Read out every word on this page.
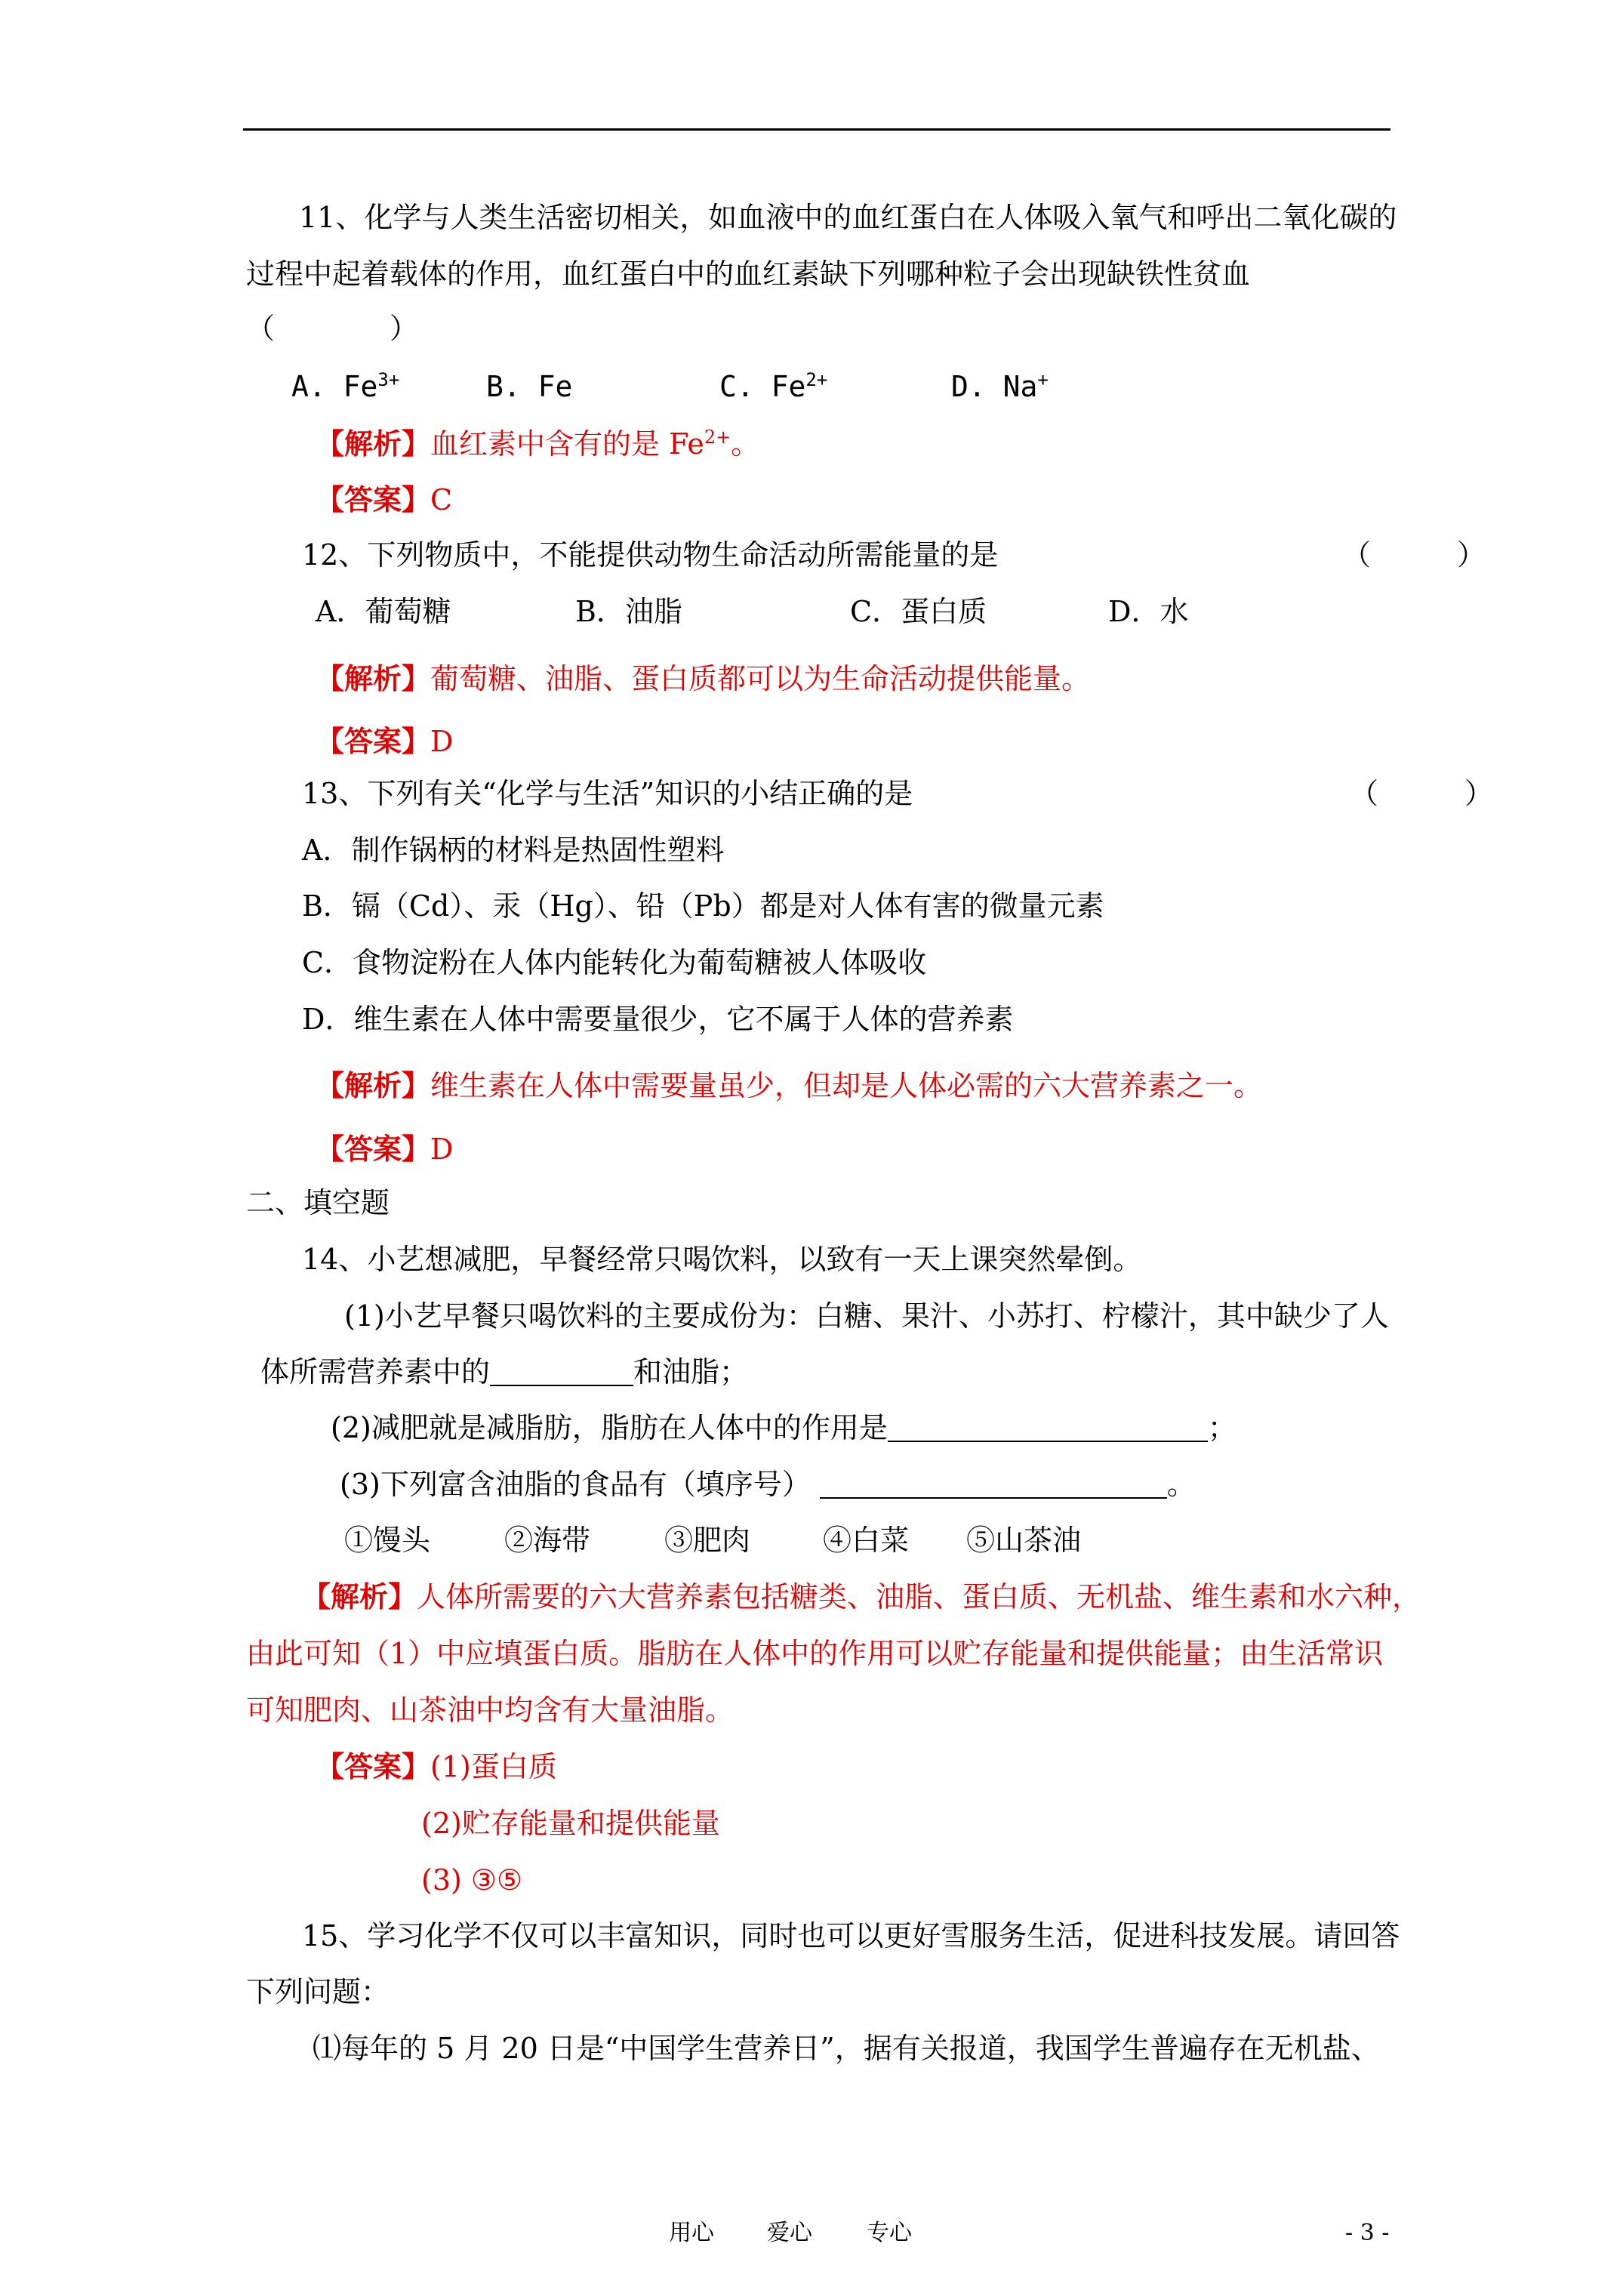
11、化学与人类生活密切相关，如血液中的血红蛋白在人体吸入氧气和呼出二氧化碳的
过程中起着载体的作用，血红蛋白中的血红素缺下列哪种粒子会出现缺铁性贫血
（　　　　）
A. $Fe^{3+}$	B. Fe	C. $Fe^{2+}$	D. Na+
【解析】血红素中含有的是 $Fe^{2+}$。
【答案】C
12、下列物质中，不能提供动物生命活动所需能量的是	（　　　）
A．葡萄糖	B．油脂	C．蛋白质	D．水
【解析】葡萄糖、油脂、蛋白质都可以为生命活动提供能量。
【答案】D
13、下列有关“化学与生活”知识的小结正确的是	（　　　）
A．制作锅柄的材料是热固性塑料
B．镉（Cd）、汞（Hg）、铅（Pb）都是对人体有害的微量元素
C．食物淀粉在人体内能转化为葡萄糖被人体吸收
D．维生素在人体中需要量很少，它不属于人体的营养素
【解析】维生素在人体中需要量虽少，但却是人体必需的六大营养素之一。
【答案】D
二、填空题
14、小艺想减肥，早餐经常只喝饮料，以致有一天上课突然晕倒。
(1)小艺早餐只喝饮料的主要成份为：白糖、果汁、小苏打、柠檬汁，其中缺少了人
体所需营养素中的	和油脂；
(2)减肥就是减脂肪，脂肪在人体中的作用是	；
(3)下列富含油脂的食品有（填序号）	。
①馒头	②海带	③肥肉	④白菜 ⑤山茶油
【解析】人体所需要的六大营养素包括糖类、油脂、蛋白质、无机盐、维生素和水六种，
由此可知（1）中应填蛋白质。脂肪在人体中的作用可以贮存能量和提供能量；由生活常识
可知肥肉、山茶油中均含有大量油脂。
【答案】(1)蛋白质
(2)贮存能量和提供能量
(3) ③⑤
15、学习化学不仅可以丰富知识，同时也可以更好雪服务生活，促进科技发展。请回答
下列问题：
⑴每年的 5 月 20 日是“中国学生营养日”，据有关报道，我国学生普遍存在无机盐、
用心 爱心 专心	- 3 -
